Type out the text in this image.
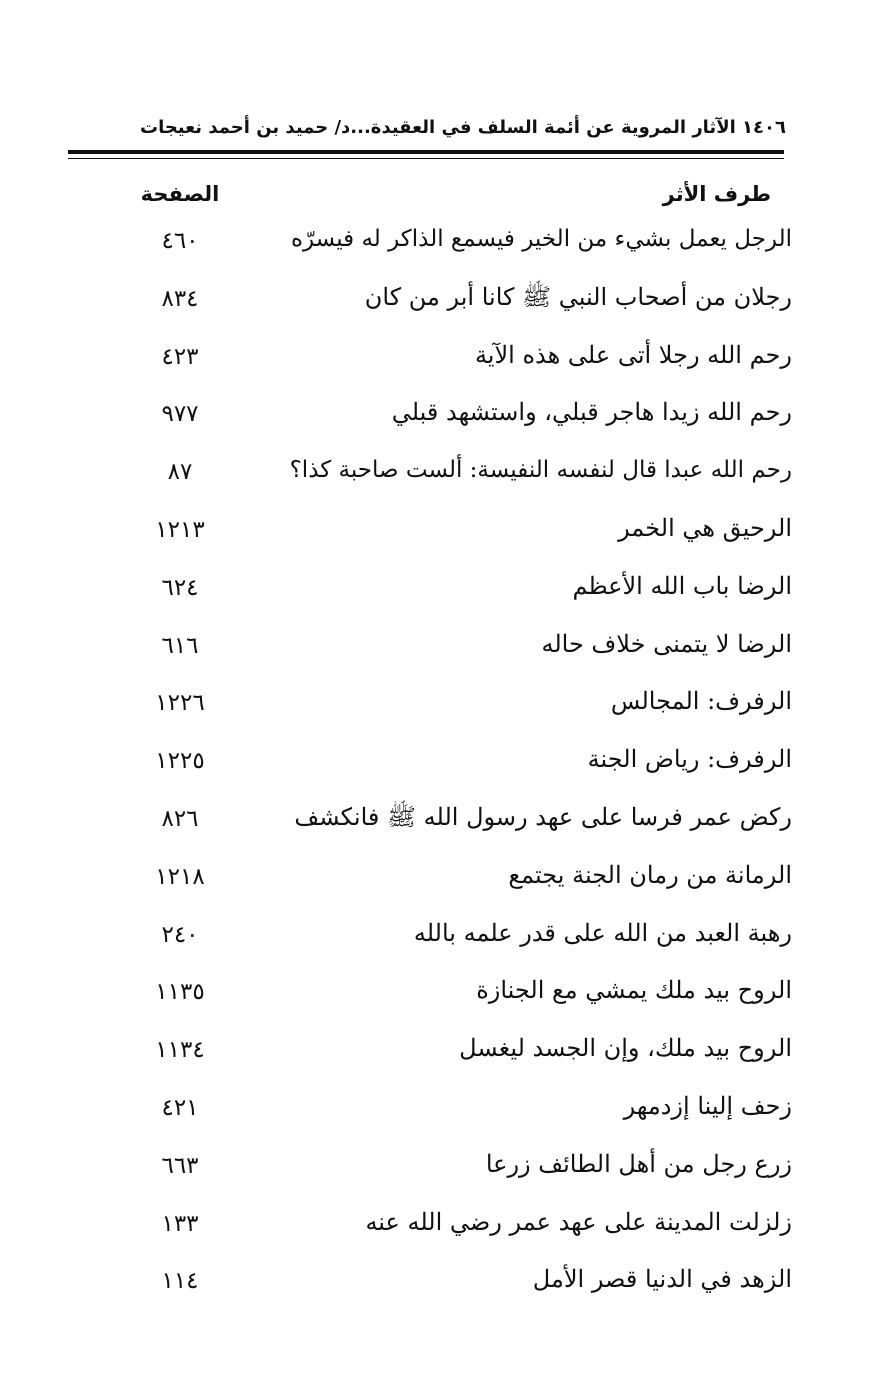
١٤٠٦ الآثار المروية عن أئمة السلف في العقيدة...د/ حميد بن أحمد نعيجات
طرف الأثر
الصفحة
الرجل يعمل بشيء من الخير فيسمع الذاكر له فيسرّه
٤٦٠
رجلان من أصحاب النبي ﷺ كانا أبر من كان
٨٣٤
رحم الله رجلا أتى على هذه الآية
٤٢٣
رحم الله زيدا هاجر قبلي، واستشهد قبلي
٩٧٧
رحم الله عبدا قال لنفسه النفيسة: ألست صاحبة كذا؟
٨٧
الرحيق هي الخمر
١٢١٣
الرضا باب الله الأعظم
٦٢٤
الرضا لا يتمنى خلاف حاله
٦١٦
الرفرف: المجالس
١٢٢٦
الرفرف: رياض الجنة
١٢٢٥
ركض عمر فرسا على عهد رسول الله ﷺ فانكشف
٨٢٦
الرمانة من رمان الجنة يجتمع
١٢١٨
رهبة العبد من الله على قدر علمه بالله
٢٤٠
الروح بيد ملك يمشي مع الجنازة
١١٣٥
الروح بيد ملك، وإن الجسد ليغسل
١١٣٤
زحف إلينا إزدمهر
٤٢١
زرع رجل من أهل الطائف زرعا
٦٦٣
زلزلت المدينة على عهد عمر رضي الله عنه
١٣٣
الزهد في الدنيا قصر الأمل
١١٤
